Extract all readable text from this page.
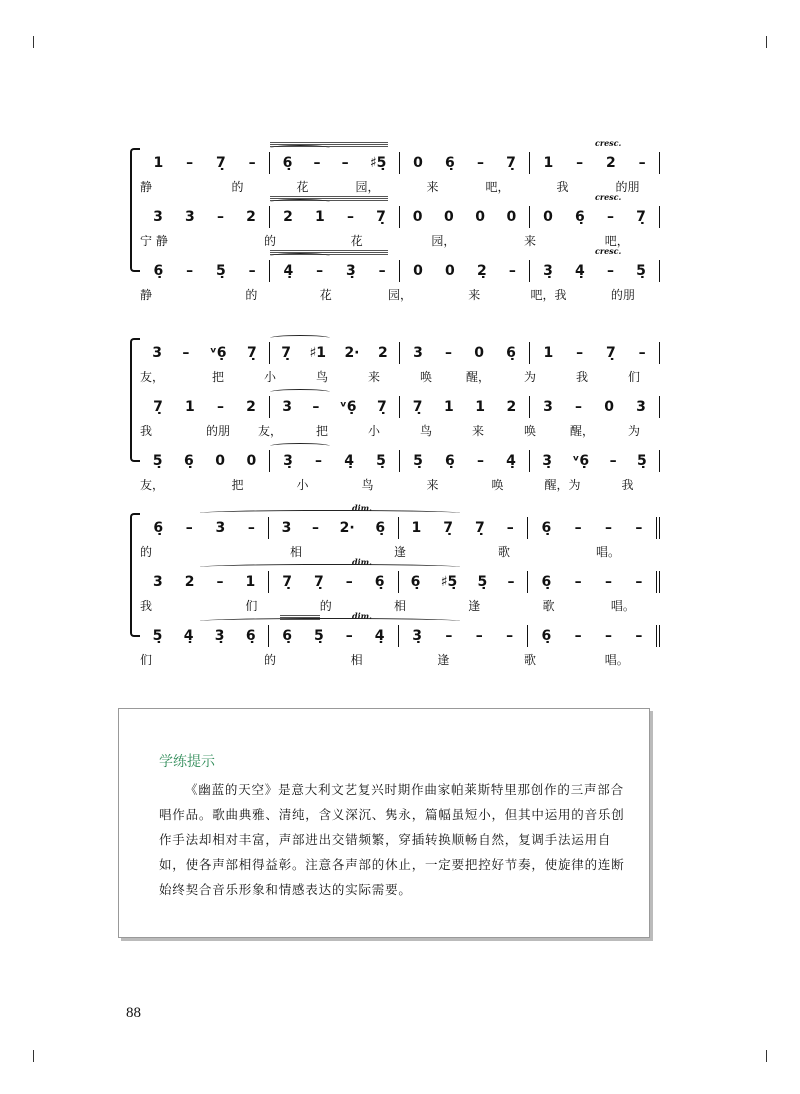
cresc.
1 – 7̣ – 6̣ – – ♯5̣ 0 6̣ – 7̣ 1 – 2 –
静	的	花	园，	来	吧，	我	的朋
cresc.
3 3 – 2 2 1 – 7̣ 0 0 0 0 0 6̣ – 7̣
宁 静	的	花	园，	来	吧，
cresc.
6̣ – 5̣ – 4̣ – 3̣ – 0 0 2̣ – 3̣ 4̣ – 5̣
静	的	花	园，	来	吧，我	的朋
3 – ᵛ6̣ 7̣ 7̣ ♯1 2· 2 3 – 0 6̣ 1 – 7̣ –
友，	把	小	鸟	来	唤	醒，	为	我	们
7̣ 1 – 2 3 – ᵛ6̣ 7̣ 7̣ 1 1 2 3 – 0 3
我	的朋	友，	把	小	鸟	来	唤	醒，	为
5̣ 6̣ 0 0 3̣ – 4̣ 5̣ 5̣ 6̣ – 4̣ 3̣ ᵛ6̣ – 5̣
友，	把	小	鸟	来	唤	醒，为	我
dim.
6̣ – 3 – 3 – 2· 6̣ 1 7̣ 7̣ – 6̣ – – –
的	相	逢	歌	唱。
dim.
3 2 – 1 7̣ 7̣ – 6̣ 6̣ ♯5̣ 5̣ – 6̣ – – –
我	们	的	相	逢	歌	唱。
dim.
5̣ 4̣ 3̣ 6̣ 6̣ 5̣ – 4̣ 3̣ – – – 6̣ – – –
们	的	相	逢	歌	唱。
学练提示
《幽蓝的天空》是意大利文艺复兴时期作曲家帕莱斯特里那创作的三声部合唱作品。歌曲典雅、清纯，含义深沉、隽永，篇幅虽短小，但其中运用的音乐创作手法却相对丰富，声部进出交错频繁，穿插转换顺畅自然，复调手法运用自如，使各声部相得益彰。注意各声部的休止，一定要把控好节奏，使旋律的连断始终契合音乐形象和情感表达的实际需要。
88
